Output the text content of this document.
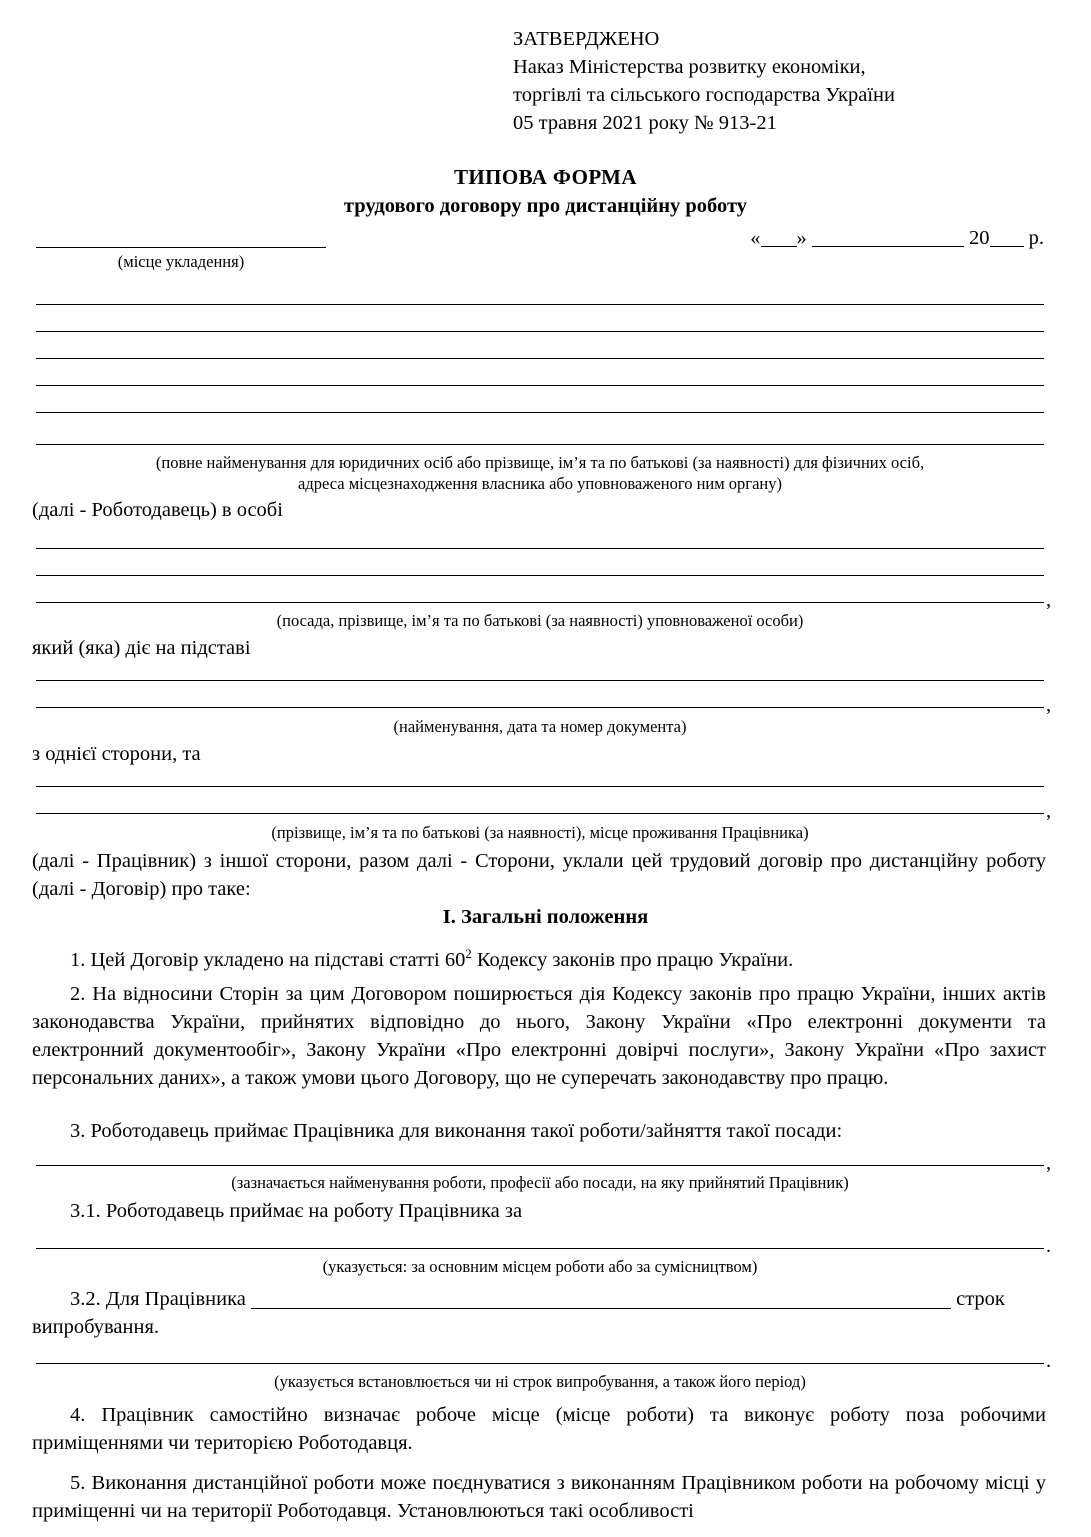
ЗАТВЕРДЖЕНО
Наказ Міністерства розвитку економіки,
торгівлі та сільського господарства України
05 травня 2021 року № 913-21
ТИПОВА ФОРМА
трудового договору про дистанційну роботу
(місце укладення)
« »	20 р.
(повне найменування для юридичних осіб або прізвище, ім’я та по батькові (за наявності) для фізичних осіб,
адреса місцезнаходження власника або уповноваженого ним органу)
(далі - Роботодавець) в особі
,
(посада, прізвище, ім’я та по батькові (за наявності) уповноваженої особи)
який (яка) діє на підставі
,
(найменування, дата та номер документа)
з однієї сторони, та
,
(прізвище, ім’я та по батькові (за наявності), місце проживання Працівника)
(далі - Працівник) з іншої сторони, разом далі - Сторони, уклали цей трудовий договір про дистанційну роботу (далі - Договір) про таке:
I. Загальні положення
1. Цей Договір укладено на підставі статті $60^2$ Кодексу законів про працю України.
2. На відносини Сторін за цим Договором поширюється дія Кодексу законів про працю України, інших актів законодавства України, прийнятих відповідно до нього, Закону України «Про електронні документи та електронний документообіг», Закону України «Про електронні довірчі послуги», Закону України «Про захист персональних даних», а також умови цього Договору, що не суперечать законодавству про працю.
3. Роботодавець приймає Працівника для виконання такої роботи/зайняття такої посади:
,
(зазначається найменування роботи, професії або посади, на яку прийнятий Працівник)
3.1. Роботодавець приймає на роботу Працівника за
.
(указується: за основним місцем роботи або за сумісництвом)
3.2. Для Працівника	строк випробування.
.
(указується встановлюється чи ні строк випробування, а також його період)
4. Працівник самостійно визначає робоче місце (місце роботи) та виконує роботу поза робочими приміщеннями чи територією Роботодавця.
5. Виконання дистанційної роботи може поєднуватися з виконанням Працівником роботи на робочому місці у приміщенні чи на території Роботодавця. Установлюються такі особливості
